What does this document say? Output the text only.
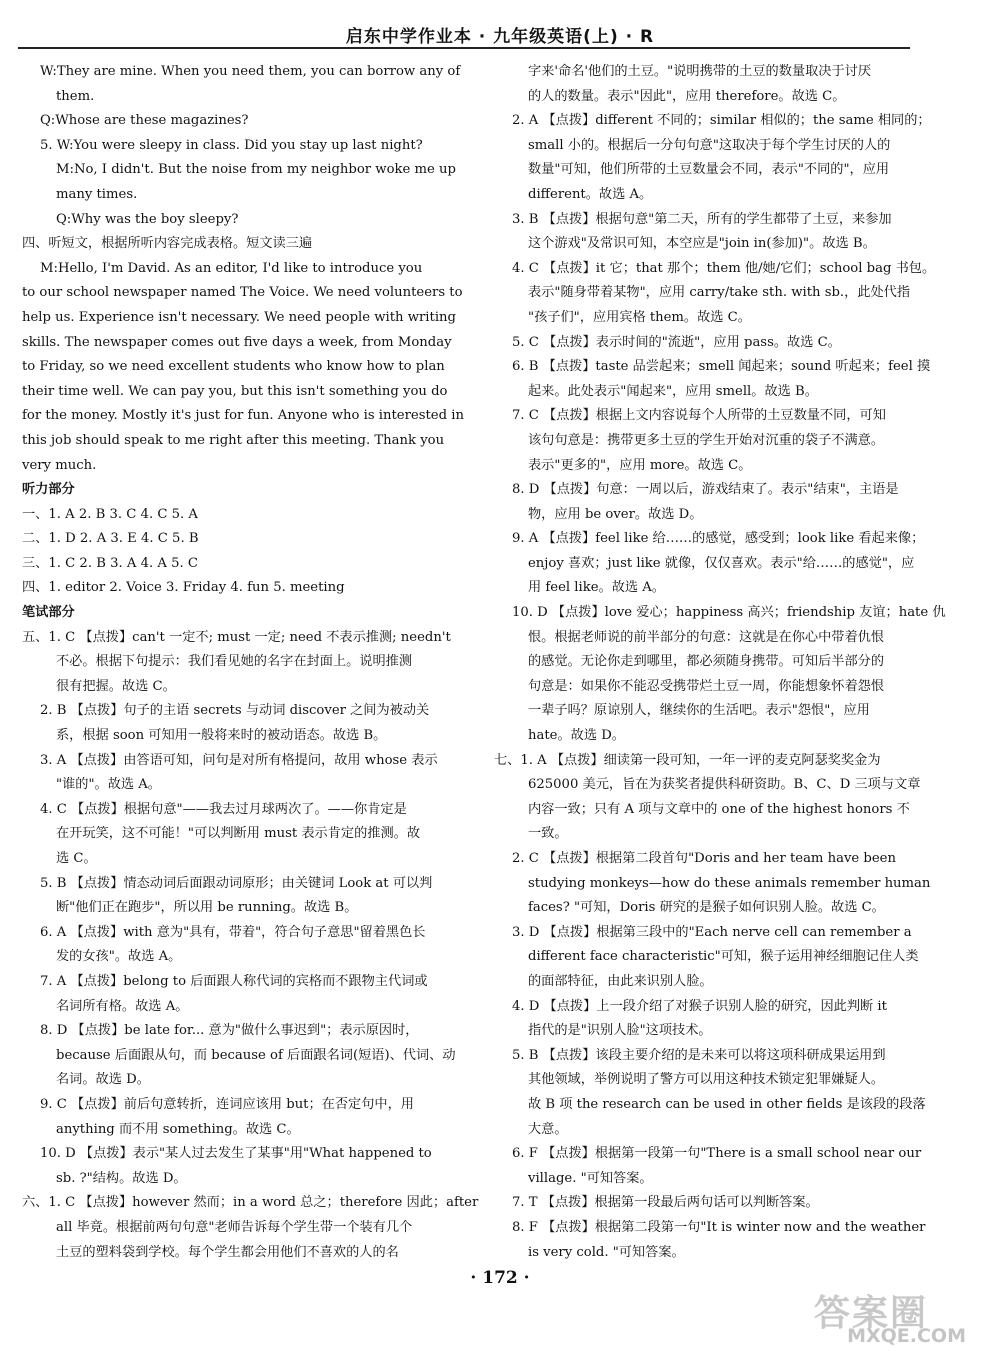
启东中学作业本 · 九年级英语(上) · R
W:They are mine. When you need them, you can borrow any of
them.
Q:Whose are these magazines?
5. W:You were sleepy in class. Did you stay up last night?
M:No, I didn't. But the noise from my neighbor woke me up
many times.
Q:Why was the boy sleepy?
四、听短文，根据所听内容完成表格。短文读三遍
M:Hello, I'm David. As an editor, I'd like to introduce you
to our school newspaper named The Voice. We need volunteers to
help us. Experience isn't necessary. We need people with writing
skills. The newspaper comes out five days a week, from Monday
to Friday, so we need excellent students who know how to plan
their time well. We can pay you, but this isn't something you do
for the money. Mostly it's just for fun. Anyone who is interested in
this job should speak to me right after this meeting. Thank you
very much.
听力部分
一、1. A 2. B 3. C 4. C 5. A
二、1. D 2. A 3. E 4. C 5. B
三、1. C 2. B 3. A 4. A 5. C
四、1. editor 2. Voice 3. Friday 4. fun 5. meeting
笔试部分
五、1. C 【点拨】can't 一定不; must 一定; need 不表示推测; needn't
不必。根据下句提示：我们看见她的名字在封面上。说明推测
很有把握。故选 C。
2. B 【点拨】句子的主语 secrets 与动词 discover 之间为被动关
系，根据 soon 可知用一般将来时的被动语态。故选 B。
3. A 【点拨】由答语可知，问句是对所有格提问，故用 whose 表示
"谁的"。故选 A。
4. C 【点拨】根据句意"——我去过月球两次了。——你肯定是
在开玩笑，这不可能！"可以判断用 must 表示肯定的推测。故
选 C。
5. B 【点拨】情态动词后面跟动词原形；由关键词 Look at 可以判
断"他们正在跑步"，所以用 be running。故选 B。
6. A 【点拨】with 意为"具有，带着"，符合句子意思"留着黑色长
发的女孩"。故选 A。
7. A 【点拨】belong to 后面跟人称代词的宾格而不跟物主代词或
名词所有格。故选 A。
8. D 【点拨】be late for... 意为"做什么事迟到"；表示原因时，
because 后面跟从句，而 because of 后面跟名词(短语)、代词、动
名词。故选 D。
9. C 【点拨】前后句意转折，连词应该用 but；在否定句中，用
anything 而不用 something。故选 C。
10. D 【点拨】表示"某人过去发生了某事"用"What happened to
sb. ?"结构。故选 D。
六、1. C 【点拨】however 然而；in a word 总之；therefore 因此；after
all 毕竟。根据前两句句意"老师告诉每个学生带一个装有几个
土豆的塑料袋到学校。每个学生都会用他们不喜欢的人的名
字来'命名'他们的土豆。"说明携带的土豆的数量取决于讨厌
的人的数量。表示"因此"，应用 therefore。故选 C。
2. A 【点拨】different 不同的；similar 相似的；the same 相同的；
small 小的。根据后一分句句意"这取决于每个学生讨厌的人的
数量"可知，他们所带的土豆数量会不同，表示"不同的"，应用
different。故选 A。
3. B 【点拨】根据句意"第二天，所有的学生都带了土豆，来参加
这个游戏"及常识可知，本空应是"join in(参加)"。故选 B。
4. C 【点拨】it 它；that 那个；them 他/她/它们；school bag 书包。
表示"随身带着某物"，应用 carry/take sth. with sb.，此处代指
"孩子们"，应用宾格 them。故选 C。
5. C 【点拨】表示时间的"流逝"，应用 pass。故选 C。
6. B 【点拨】taste 品尝起来；smell 闻起来；sound 听起来；feel 摸
起来。此处表示"闻起来"，应用 smell。故选 B。
7. C 【点拨】根据上文内容说每个人所带的土豆数量不同，可知
该句句意是：携带更多土豆的学生开始对沉重的袋子不满意。
表示"更多的"，应用 more。故选 C。
8. D 【点拨】句意：一周以后，游戏结束了。表示"结束"，主语是
物，应用 be over。故选 D。
9. A 【点拨】feel like 给……的感觉，感受到；look like 看起来像；
enjoy 喜欢；just like 就像，仅仅喜欢。表示"给……的感觉"，应
用 feel like。故选 A。
10. D 【点拨】love 爱心；happiness 高兴；friendship 友谊；hate 仇
恨。根据老师说的前半部分的句意：这就是在你心中带着仇恨
的感觉。无论你走到哪里，都必须随身携带。可知后半部分的
句意是：如果你不能忍受携带烂土豆一周，你能想象怀着怨恨
一辈子吗？原谅别人，继续你的生活吧。表示"怨恨"，应用
hate。故选 D。
七、1. A 【点拨】细读第一段可知，一年一评的麦克阿瑟奖奖金为
625000 美元，旨在为获奖者提供科研资助。B、C、D 三项与文章
内容一致；只有 A 项与文章中的 one of the highest honors 不
一致。
2. C 【点拨】根据第二段首句"Doris and her team have been
studying monkeys—how do these animals remember human
faces? "可知，Doris 研究的是猴子如何识别人脸。故选 C。
3. D 【点拨】根据第三段中的"Each nerve cell can remember a
different face characteristic"可知，猴子运用神经细胞记住人类
的面部特征，由此来识别人脸。
4. D 【点拨】上一段介绍了对猴子识别人脸的研究，因此判断 it
指代的是"识别人脸"这项技术。
5. B 【点拨】该段主要介绍的是未来可以将这项科研成果运用到
其他领域，举例说明了警方可以用这种技术锁定犯罪嫌疑人。
故 B 项 the research can be used in other fields 是该段的段落
大意。
6. F 【点拨】根据第一段第一句"There is a small school near our
village. "可知答案。
7. T 【点拨】根据第一段最后两句话可以判断答案。
8. F 【点拨】根据第二段第一句"It is winter now and the weather
is very cold. "可知答案。
· 172 ·
答案圈
MXQE.COM
